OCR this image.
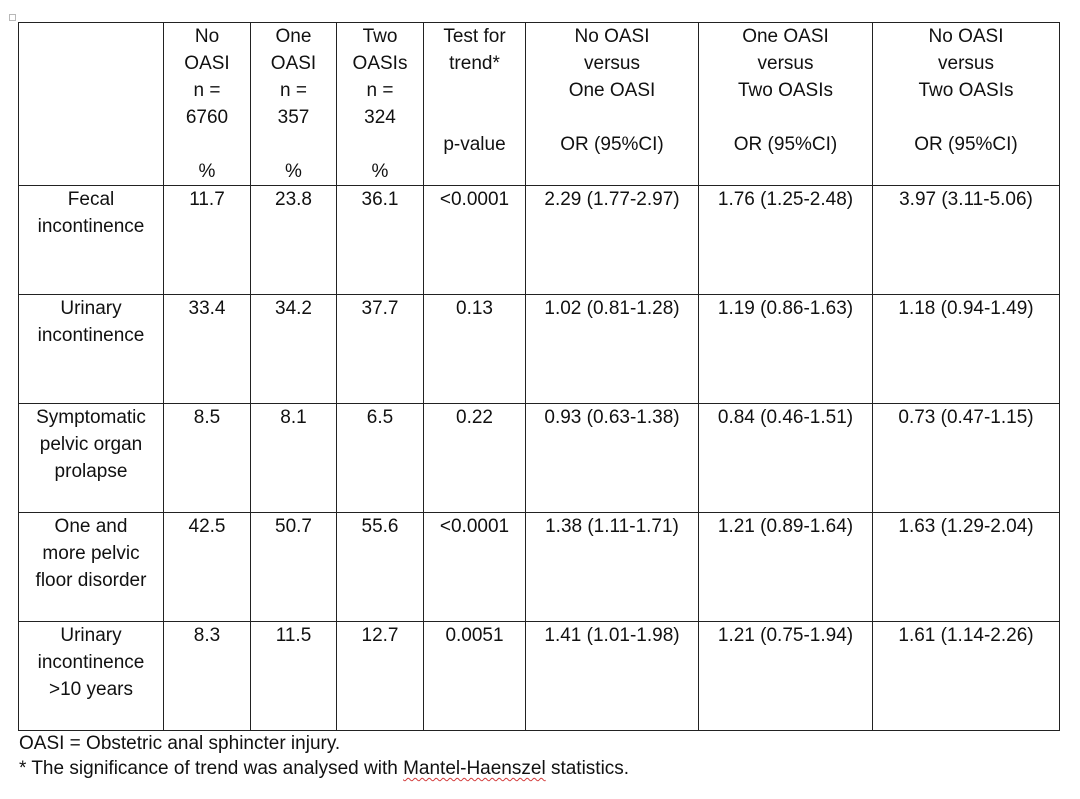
	No
OASI
n =
6760

%	One
OASI
n =
357

%	Two
OASIs
n =
324

%	Test for
trend*

p-value	No OASI
versus
One OASI

OR (95%CI)	One OASI
versus
Two OASIs

OR (95%CI)	No OASI
versus
Two OASIs

OR (95%CI)
Fecal
incontinence	11.7	23.8	36.1	<0.0001	2.29 (1.77-2.97)	1.76 (1.25-2.48)	3.97 (3.11-5.06)
Urinary
incontinence	33.4	34.2	37.7	0.13	1.02 (0.81-1.28)	1.19 (0.86-1.63)	1.18 (0.94-1.49)
Symptomatic
pelvic organ
prolapse	8.5	8.1	6.5	0.22	0.93 (0.63-1.38)	0.84 (0.46-1.51)	0.73 (0.47-1.15)
One and
more pelvic
floor disorder	42.5	50.7	55.6	<0.0001	1.38 (1.11-1.71)	1.21 (0.89-1.64)	1.63 (1.29-2.04)
Urinary
incontinence
>10 years	8.3	11.5	12.7	0.0051	1.41 (1.01-1.98)	1.21 (0.75-1.94)	1.61 (1.14-2.26)
OASI = Obstetric anal sphincter injury.
* The significance of trend was analysed with Mantel-Haenszel statistics.
